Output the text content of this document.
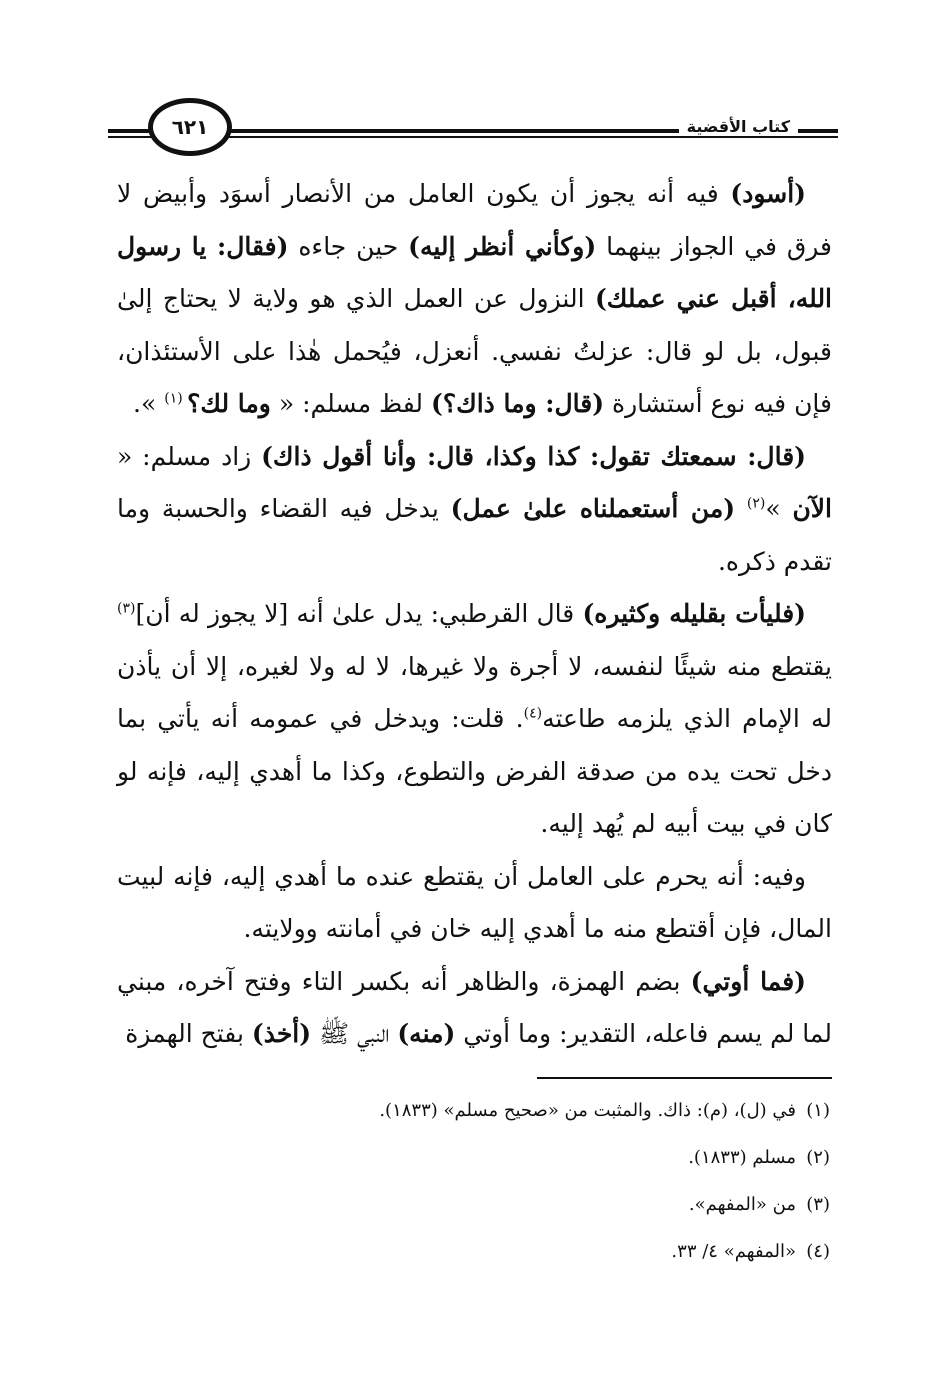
٦٢١	كتاب الأقضية

(أسود) فيه أنه يجوز أن يكون العامل من الأنصار أسوَد وأبيض لا فرق في الجواز بينهما (وكأني أنظر إليه) حين جاءه (فقال: يا رسول الله، أقبل عني عملك) النزول عن العمل الذي هو ولاية لا يحتاج إلىٰ قبول، بل لو قال: عزلتُ نفسي. أنعزل، فيُحمل هٰذا على الأستئذان، فإن فيه نوع أستشارة (قال: وما ذاك؟) لفظ مسلم: « وما لك؟ $^{(١)}$ ».

(قال: سمعتك تقول: كذا وكذا، قال: وأنا أقول ذاك) زاد مسلم: « الآن »$^{(٢)}$ (من أستعملناه علىٰ عمل) يدخل فيه القضاء والحسبة وما تقدم ذكره.

(فليأت بقليله وكثيره) قال القرطبي: يدل علىٰ أنه [لا يجوز له أن]$^{(٣)}$ يقتطع منه شيئًا لنفسه، لا أجرة ولا غيرها، لا له ولا لغيره، إلا أن يأذن له الإمام الذي يلزمه طاعته$^{(٤)}$. قلت: ويدخل في عمومه أنه يأتي بما دخل تحت يده من صدقة الفرض والتطوع، وكذا ما أهدي إليه، فإنه لو كان في بيت أبيه لم يُهد إليه.

وفيه: أنه يحرم على العامل أن يقتطع عنده ما أهدي إليه، فإنه لبيت المال، فإن أقتطع منه ما أهدي إليه خان في أمانته وولايته.

(فما أوتي) بضم الهمزة، والظاهر أنه بكسر التاء وفتح آخره، مبني لما لم يسم فاعله، التقدير: وما أوتي (منه) النبي ﷺ (أخذ) بفتح الهمزة

(١)في (ل)، (م): ذاك. والمثبت من «صحيح مسلم» (١٨٣٣).
(٢)مسلم (١٨٣٣).
(٣)من «المفهم».
(٤)«المفهم» ٤/ ٣٣.
